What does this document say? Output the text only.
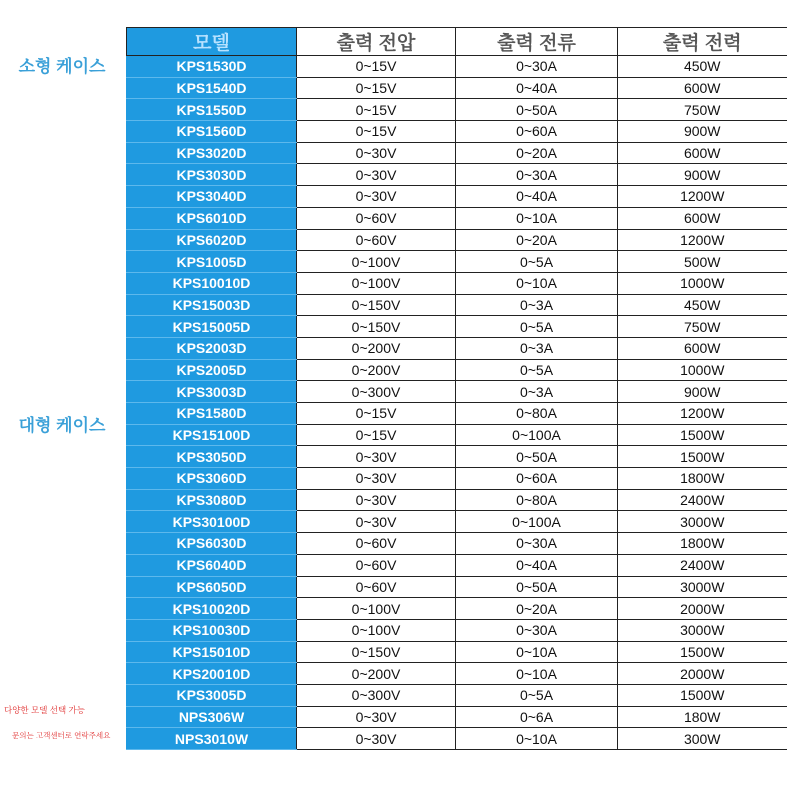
소형 케이스
대형 케이스
다양한 모델 선택 가능
문의는 고객센터로 연락주세요
모델	출력 전압	출력 전류	출력 전력
KPS1530D	0~15V	0~30A	450W
KPS1540D	0~15V	0~40A	600W
KPS1550D	0~15V	0~50A	750W
KPS1560D	0~15V	0~60A	900W
KPS3020D	0~30V	0~20A	600W
KPS3030D	0~30V	0~30A	900W
KPS3040D	0~30V	0~40A	1200W
KPS6010D	0~60V	0~10A	600W
KPS6020D	0~60V	0~20A	1200W
KPS1005D	0~100V	0~5A	500W
KPS10010D	0~100V	0~10A	1000W
KPS15003D	0~150V	0~3A	450W
KPS15005D	0~150V	0~5A	750W
KPS2003D	0~200V	0~3A	600W
KPS2005D	0~200V	0~5A	1000W
KPS3003D	0~300V	0~3A	900W
KPS1580D	0~15V	0~80A	1200W
KPS15100D	0~15V	0~100A	1500W
KPS3050D	0~30V	0~50A	1500W
KPS3060D	0~30V	0~60A	1800W
KPS3080D	0~30V	0~80A	2400W
KPS30100D	0~30V	0~100A	3000W
KPS6030D	0~60V	0~30A	1800W
KPS6040D	0~60V	0~40A	2400W
KPS6050D	0~60V	0~50A	3000W
KPS10020D	0~100V	0~20A	2000W
KPS10030D	0~100V	0~30A	3000W
KPS15010D	0~150V	0~10A	1500W
KPS20010D	0~200V	0~10A	2000W
KPS3005D	0~300V	0~5A	1500W
NPS306W	0~30V	0~6A	180W
NPS3010W	0~30V	0~10A	300W
